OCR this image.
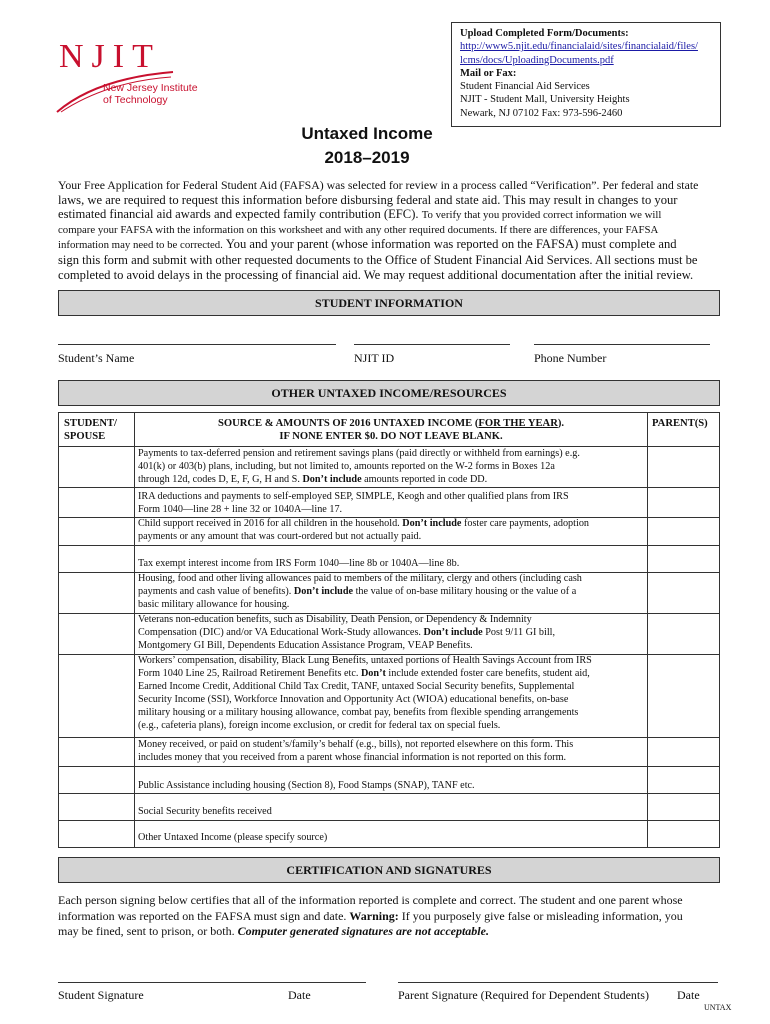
NJIT
New Jersey Institute
of Technology
Upload Completed Form/Documents:
http://www5.njit.edu/financialaid/sites/financialaid/files/
lcms/docs/UploadingDocuments.pdf
Mail or Fax:
Student Financial Aid Services
NJIT - Student Mall, University Heights
Newark, NJ 07102 Fax: 973-596-2460
Untaxed Income
2018–2019
Your Free Application for Federal Student Aid (FAFSA) was selected for review in a process called “Verification”. Per federal and state
laws, we are required to request this information before disbursing federal and state aid. This may result in changes to your
estimated financial aid awards and expected family contribution (EFC). To verify that you provided correct information we will
compare your FAFSA with the information on this worksheet and with any other required documents. If there are differences, your FAFSA
information may need to be corrected. You and your parent (whose information was reported on the FAFSA) must complete and
sign this form and submit with other requested documents to the Office of Student Financial Aid Services. All sections must be
completed to avoid delays in the processing of financial aid. We may request additional documentation after the initial review.
STUDENT INFORMATION
Student’s Name	NJIT ID	Phone Number
OTHER UNTAXED INCOME/RESOURCES
STUDENT/
SPOUSE
SOURCE & AMOUNTS OF 2016 UNTAXED INCOME (FOR THE YEAR).
IF NONE ENTER $0. DO NOT LEAVE BLANK.
PARENT(S)
Payments to tax-deferred pension and retirement savings plans (paid directly or withheld from earnings) e.g.
401(k) or 403(b) plans, including, but not limited to, amounts reported on the W-2 forms in Boxes 12a
through 12d, codes D, E, F, G, H and S. Don’t include amounts reported in code DD.
IRA deductions and payments to self-employed SEP, SIMPLE, Keogh and other qualified plans from IRS
Form 1040—line 28 + line 32 or 1040A—line 17.
Child support received in 2016 for all children in the household. Don’t include foster care payments, adoption
payments or any amount that was court-ordered but not actually paid.
Tax exempt interest income from IRS Form 1040—line 8b or 1040A—line 8b.
Housing, food and other living allowances paid to members of the military, clergy and others (including cash
payments and cash value of benefits). Don’t include the value of on-base military housing or the value of a
basic military allowance for housing.
Veterans non-education benefits, such as Disability, Death Pension, or Dependency & Indemnity
Compensation (DIC) and/or VA Educational Work-Study allowances. Don’t include Post 9/11 GI bill,
Montgomery GI Bill, Dependents Education Assistance Program, VEAP Benefits.
Workers’ compensation, disability, Black Lung Benefits, untaxed portions of Health Savings Account from IRS
Form 1040 Line 25, Railroad Retirement Benefits etc. Don’t include extended foster care benefits, student aid,
Earned Income Credit, Additional Child Tax Credit, TANF, untaxed Social Security benefits, Supplemental
Security Income (SSI), Workforce Innovation and Opportunity Act (WIOA) educational benefits, on-base
military housing or a military housing allowance, combat pay, benefits from flexible spending arrangements
(e.g., cafeteria plans), foreign income exclusion, or credit for federal tax on special fuels.
Money received, or paid on student’s/family’s behalf (e.g., bills), not reported elsewhere on this form. This
includes money that you received from a parent whose financial information is not reported on this form.
Public Assistance including housing (Section 8), Food Stamps (SNAP), TANF etc.
Social Security benefits received
Other Untaxed Income (please specify source)
CERTIFICATION AND SIGNATURES
Each person signing below certifies that all of the information reported is complete and correct. The student and one parent whose
information was reported on the FAFSA must sign and date. Warning: If you purposely give false or misleading information, you
may be fined, sent to prison, or both. Computer generated signatures are not acceptable.
Student Signature	Date	Parent Signature (Required for Dependent Students) Date
UNTAX
